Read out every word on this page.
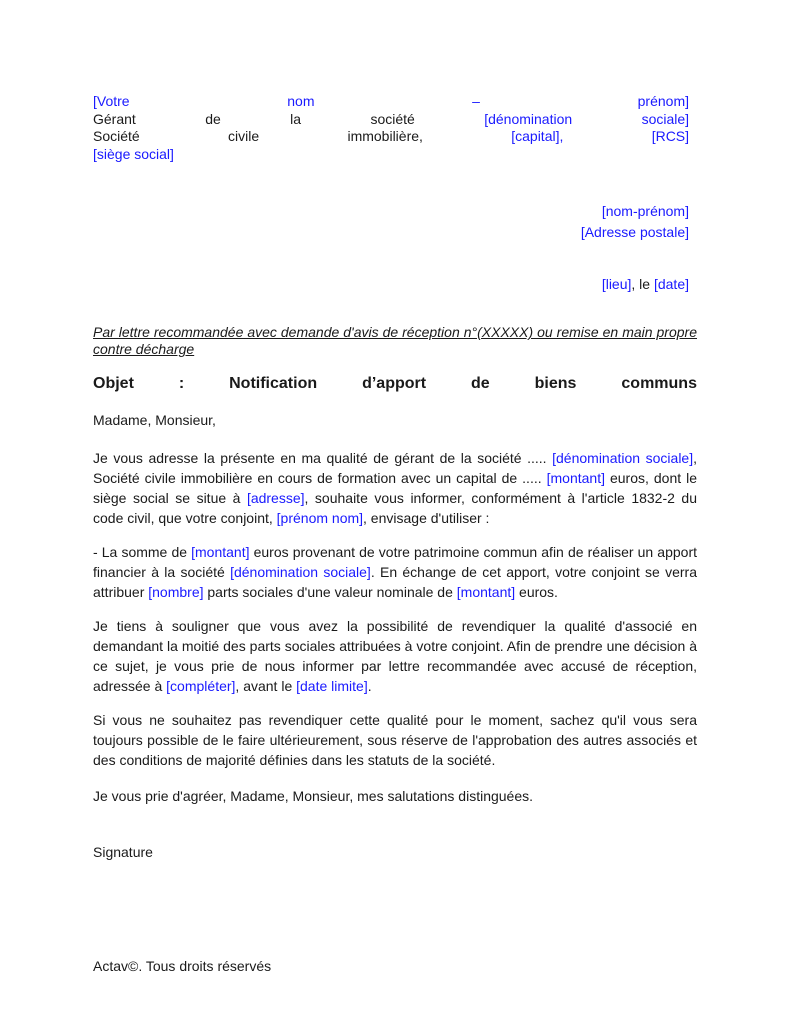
[Votre	nom	–	prénom]
Gérant	de	la	société	[dénomination	sociale]
Société	civile	immobilière,	[capital],	[RCS]
[siège social]
[nom-prénom]
[Adresse postale]
[lieu], le [date]
Par lettre recommandée avec demande d'avis de réception n°(XXXXX) ou remise en main propre contre décharge
Objet	:	Notification	d’apport	de	biens	communs
Madame, Monsieur,
Je vous adresse la présente en ma qualité de gérant de la société ..... [dénomination sociale], Société civile immobilière en cours de formation avec un capital de ..... [montant] euros, dont le siège social se situe à [adresse], souhaite vous informer, conformément à l'article 1832-2 du code civil, que votre conjoint, [prénom nom], envisage d'utiliser :
- La somme de [montant] euros provenant de votre patrimoine commun afin de réaliser un apport financier à la société [dénomination sociale]. En échange de cet apport, votre conjoint se verra attribuer [nombre] parts sociales d'une valeur nominale de [montant] euros.
Je tiens à souligner que vous avez la possibilité de revendiquer la qualité d'associé en demandant la moitié des parts sociales attribuées à votre conjoint. Afin de prendre une décision à ce sujet, je vous prie de nous informer par lettre recommandée avec accusé de réception, adressée à [compléter], avant le [date limite].
Si vous ne souhaitez pas revendiquer cette qualité pour le moment, sachez qu'il vous sera toujours possible de le faire ultérieurement, sous réserve de l'approbation des autres associés et des conditions de majorité définies dans les statuts de la société.
Je vous prie d'agréer, Madame, Monsieur, mes salutations distinguées.
Signature
Actav©. Tous droits réservés
